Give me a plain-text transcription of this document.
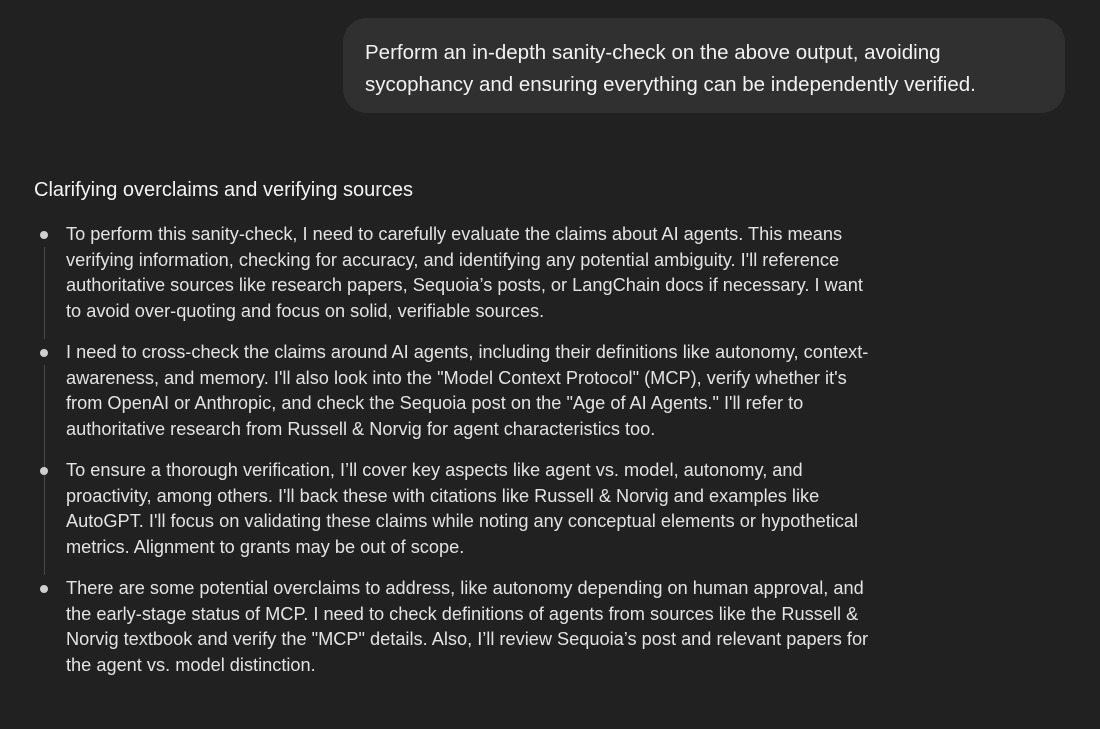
Perform an in-depth sanity-check on the above output, avoiding sycophancy and ensuring everything can be independently verified.

Clarifying overclaims and verifying sources

To perform this sanity-check, I need to carefully evaluate the claims about AI agents. This means verifying information, checking for accuracy, and identifying any potential ambiguity. I'll reference authoritative sources like research papers, Sequoia’s posts, or LangChain docs if necessary. I want to avoid over-quoting and focus on solid, verifiable sources.

I need to cross-check the claims around AI agents, including their definitions like autonomy, context-awareness, and memory. I'll also look into the "Model Context Protocol" (MCP), verify whether it's from OpenAI or Anthropic, and check the Sequoia post on the "Age of AI Agents." I'll refer to authoritative research from Russell & Norvig for agent characteristics too.

To ensure a thorough verification, I’ll cover key aspects like agent vs. model, autonomy, and proactivity, among others. I'll back these with citations like Russell & Norvig and examples like AutoGPT. I'll focus on validating these claims while noting any conceptual elements or hypothetical metrics. Alignment to grants may be out of scope.

There are some potential overclaims to address, like autonomy depending on human approval, and the early-stage status of MCP. I need to check definitions of agents from sources like the Russell & Norvig textbook and verify the "MCP" details. Also, I’ll review Sequoia’s post and relevant papers for the agent vs. model distinction.
